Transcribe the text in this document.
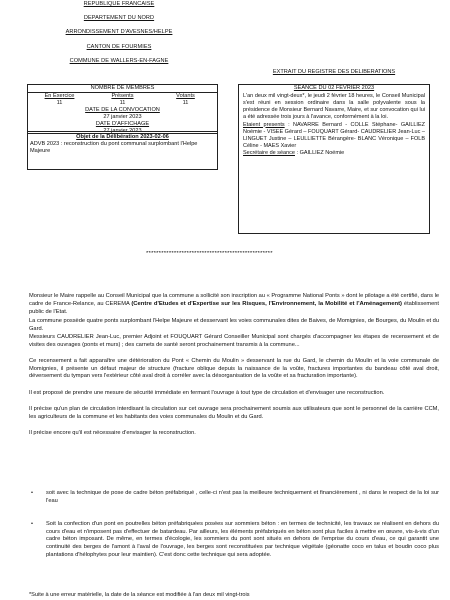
REPUBLIQUE FRANCAISE
DEPARTEMENT DU NORD
ARRONDISSEMENT D'AVESNES/HELPE
CANTON DE FOURMIES
COMMUNE DE WALLERS-EN-FAGNE
NOMBRE DE MEMBRES
En Exercice	Présents	Votants
11	11	11
DATE DE LA CONVOCATION
27 janvier 2023
DATE D'AFFICHAGE
27 janvier 2023
Objet de la Délibération 2023-02-06
ADVB 2023 : reconstruction du pont communal surplombant l'Helpe Majeure
EXTRAIT DU REGISTRE DES DELIBERATIONS
SEANCE DU 02 FEVRIER 2023

L'an deux mil vingt-deux*, le jeudi 2 février 18 heures, le Conseil Municipal s'est réuni en session ordinaire dans la salle polyvalente sous la présidence de Monsieur Bernard Navarre, Maire, et sur convocation qui lui a été adressée trois jours à l'avance, conformément à la loi.

Etaient presents : NAVARRE Bernard - COLLE Stéphane- GAILLIEZ Noémie - VISEE Gérard – FOUQUART Gérard- CAUDRELIER Jean-Luc – LINGUET Justine – LEULLIETTE Bérangère- BLANC Véronique – FOLB Céline - MAES Xavier

Secrétaire de séance : GAILLIEZ Noémie

**************************************************

Monsieur le Maire rappelle au Conseil Municipal que la commune a sollicité son inscription au « Programme National Ponts » dont le pilotage a été certifié, dans le cadre de France-Relance, au CEREMA (Centre d'Etudes et d'Expertise sur les Risques, l'Environnement, la Mobilité et l'Aménagement) établissement public de l'Etat.

La commune possède quatre ponts surplombant l'Helpe Majeure et desservant les voies communales dites de Baives, de Momignies, de Bourges, du Moulin et du Gard.

Messieurs CAUDRELIER Jean-Luc, premier Adjoint et FOUQUART Gérard Conseiller Municipal sont chargés d'accompagner les étapes de recensement et de visites des ouvrages (ponts et murs) ; des carnets de santé seront prochainement transmis à la commune...

Ce recensement a fait apparaître une détérioration du Pont « Chemin du Moulin » desservant la rue du Gard, le chemin du Moulin et la voie communale de Momignies, il présente un défaut majeur de structure (fracture oblique depuis la naissance de la voûte, fractures importantes du bandeau côté aval droit, déversement du tympan vers l'extérieur côté aval droit à corréler avec la désorganisation de la voûte et sa fracturation importante).

Il est proposé de prendre une mesure de sécurité immédiate en fermant l'ouvrage à tout type de circulation et d'envisager une reconstruction.

Il précise qu'un plan de circulation interdisant la circulation sur cet ouvrage sera prochainement soumis aux utilisateurs que sont le personnel de la carrière CCM, les agriculteurs de la commune et les habitants des voies communales du Moulin et du Gard.

Il précise encore qu'il est nécessaire d'envisager la reconstruction.

• soit avec la technique de pose de cadre béton préfabriqué , celle-ci n'est pas la meilleure techniquement et financièrement , ni dans le respect de la loi sur l'eau
• Soit la confection d'un pont en poutrelles béton préfabriquées posées sur sommiers béton : en termes de technicité, les travaux se réalisent en dehors du cours d'eau et n'imposent pas d'effectuer de batardeau. Par ailleurs, les éléments préfabriqués en béton sont plus faciles à mettre en œuvre, vis-à-vis d'un cadre béton imposant. De même, en termes d'écologie, les sommiers du pont sont situés en dehors de l'emprise du cours d'eau, ce qui garantit une continuité des berges de l'amont à l'aval de l'ouvrage, les berges sont reconstituées par technique végétale (géonatte coco en talus et boudin coco plus plantations d'hélophytes pour leur maintien). C'est donc cette technique qui sera adoptée.
*Suite à une erreur matérielle, la date de la séance est modifiée à l'an deux mil vingt-trois
